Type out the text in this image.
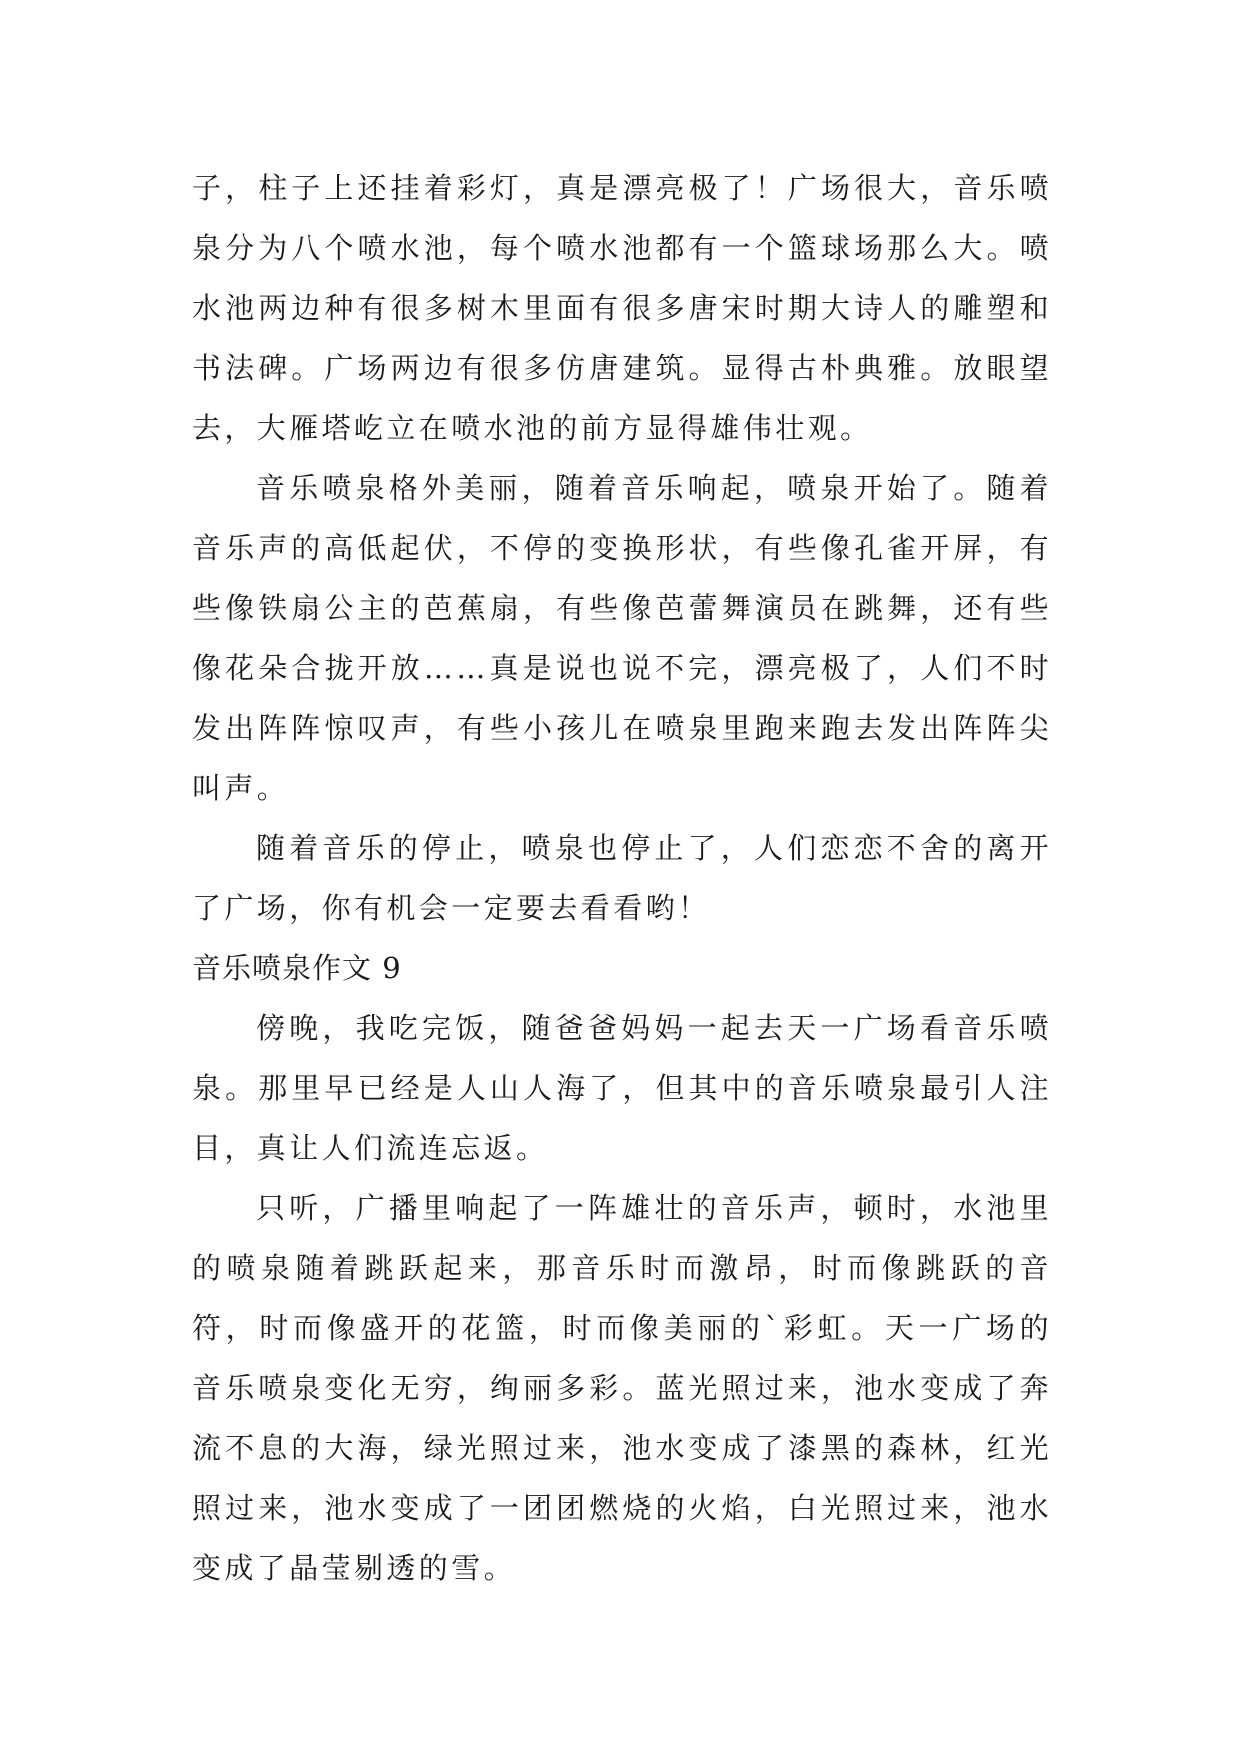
子，柱子上还挂着彩灯，真是漂亮极了！广场很大，音乐喷泉分为八个喷水池，每个喷水池都有一个篮球场那么大。喷水池两边种有很多树木里面有很多唐宋时期大诗人的雕塑和书法碑。广场两边有很多仿唐建筑。显得古朴典雅。放眼望去，大雁塔屹立在喷水池的前方显得雄伟壮观。

音乐喷泉格外美丽，随着音乐响起，喷泉开始了。随着音乐声的高低起伏，不停的变换形状，有些像孔雀开屏，有些像铁扇公主的芭蕉扇，有些像芭蕾舞演员在跳舞，还有些像花朵合拢开放……真是说也说不完，漂亮极了，人们不时发出阵阵惊叹声，有些小孩儿在喷泉里跑来跑去发出阵阵尖叫声。

随着音乐的停止，喷泉也停止了，人们恋恋不舍的离开了广场，你有机会一定要去看看哟！

音乐喷泉作文 9

傍晚，我吃完饭，随爸爸妈妈一起去天一广场看音乐喷泉。那里早已经是人山人海了，但其中的音乐喷泉最引人注目，真让人们流连忘返。

只听，广播里响起了一阵雄壮的音乐声，顿时，水池里的喷泉随着跳跃起来，那音乐时而激昂，时而像跳跃的音符，时而像盛开的花篮，时而像美丽的`彩虹。天一广场的音乐喷泉变化无穷，绚丽多彩。蓝光照过来，池水变成了奔流不息的大海，绿光照过来，池水变成了漆黑的森林，红光照过来，池水变成了一团团燃烧的火焰，白光照过来，池水变成了晶莹剔透的雪。
